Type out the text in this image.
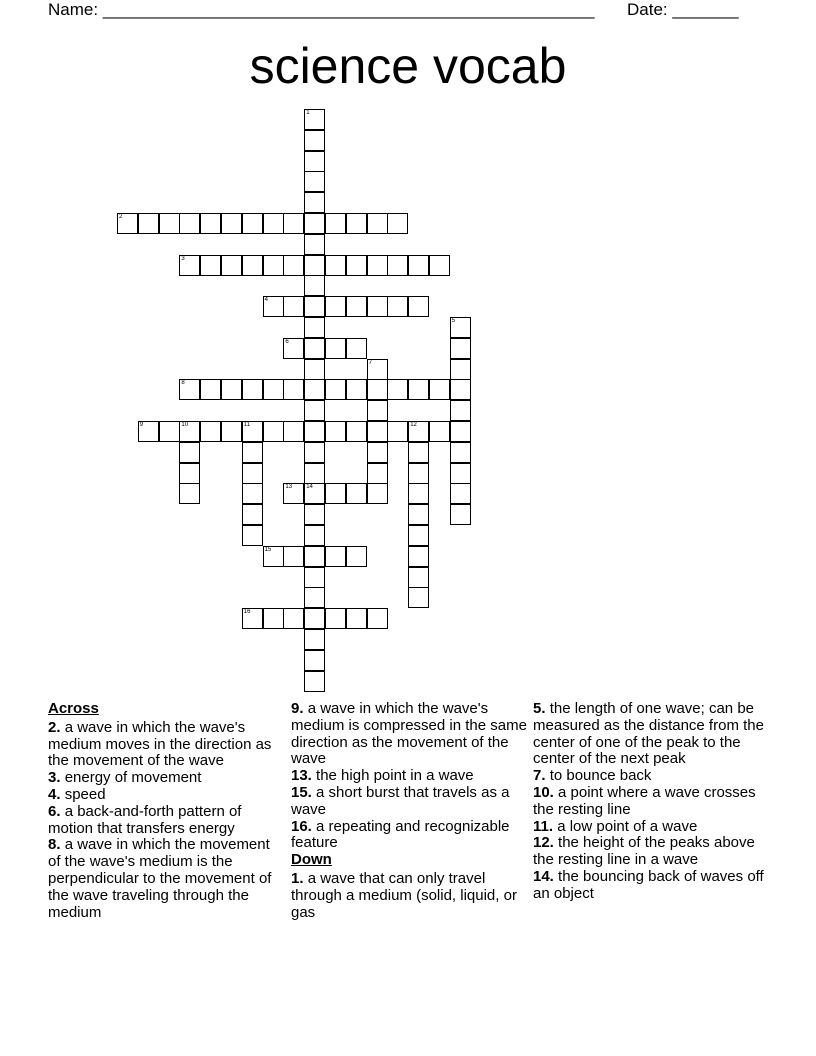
Name: ____________________________________________________ Date: _______
science vocab
2
3
4
6
8
9	10	11	12
13 14
15
16
1
5
7
Across
2. a wave in which the wave's medium moves in the direction as the movement of the wave
3. energy of movement
4. speed
6. a back-and-forth pattern of motion that transfers energy
8. a wave in which the movement of the wave's medium is the perpendicular to the movement of the wave traveling through the medium
9. a wave in which the wave's medium is compressed in the same direction as the movement of the wave
13. the high point in a wave
15. a short burst that travels as a wave
16. a repeating and recognizable feature
Down
1. a wave that can only travel through a medium (solid, liquid, or gas
5. the length of one wave; can be measured as the distance from the center of one of the peak to the center of the next peak
7. to bounce back
10. a point where a wave crosses the resting line
11. a low point of a wave
12. the height of the peaks above the resting line in a wave
14. the bouncing back of waves off an object
